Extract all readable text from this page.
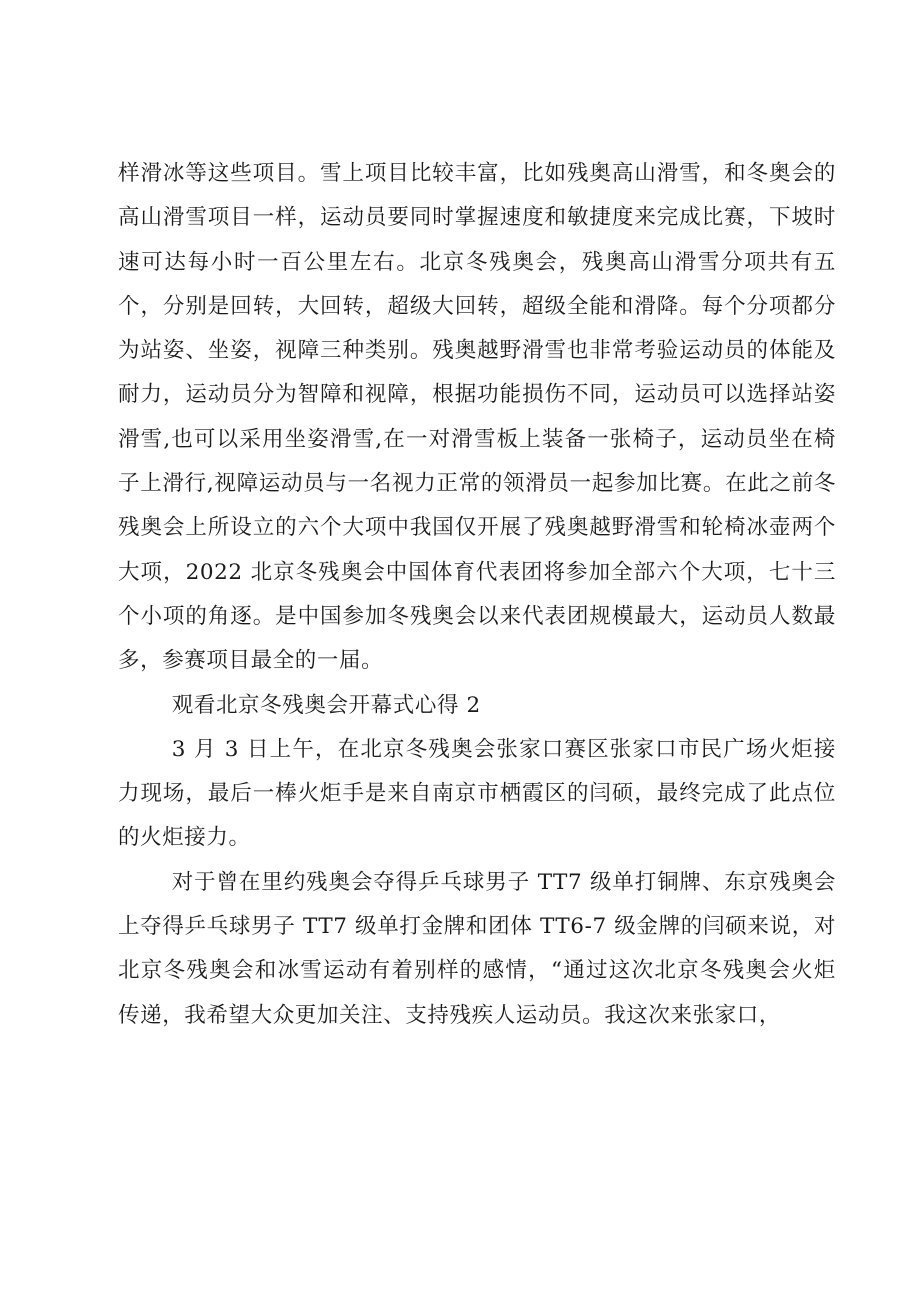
样滑冰等这些项目。雪上项目比较丰富，比如残奥高山滑雪，和冬奥会的高山滑雪项目一样，运动员要同时掌握速度和敏捷度来完成比赛，下坡时速可达每小时一百公里左右。北京冬残奥会，残奥高山滑雪分项共有五个，分别是回转，大回转，超级大回转，超级全能和滑降。每个分项都分为站姿、坐姿，视障三种类别。残奥越野滑雪也非常考验运动员的体能及耐力，运动员分为智障和视障，根据功能损伤不同，运动员可以选择站姿滑雪,也可以采用坐姿滑雪,在一对滑雪板上装备一张椅子，运动员坐在椅子上滑行,视障运动员与一名视力正常的领滑员一起参加比赛。在此之前冬残奥会上所设立的六个大项中我国仅开展了残奥越野滑雪和轮椅冰壶两个大项，2022 北京冬残奥会中国体育代表团将参加全部六个大项，七十三个小项的角逐。是中国参加冬残奥会以来代表团规模最大，运动员人数最多，参赛项目最全的一届。

观看北京冬残奥会开幕式心得 2

3 月 3 日上午，在北京冬残奥会张家口赛区张家口市民广场火炬接力现场，最后一棒火炬手是来自南京市栖霞区的闫硕，最终完成了此点位的火炬接力。

对于曾在里约残奥会夺得乒乓球男子 TT7 级单打铜牌、东京残奥会上夺得乒乓球男子 TT7 级单打金牌和团体 TT6-7 级金牌的闫硕来说，对北京冬残奥会和冰雪运动有着别样的感情，“通过这次北京冬残奥会火炬传递，我希望大众更加关注、支持残疾人运动员。我这次来张家口，
